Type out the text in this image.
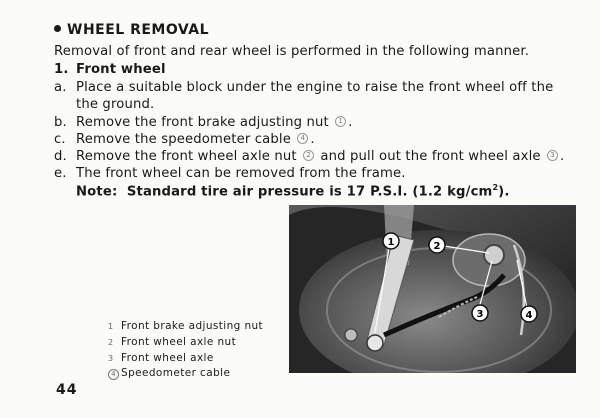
WHEEL REMOVAL
Removal of front and rear wheel is performed in the following manner.
1. Front wheel
a. Place a suitable block under the engine to raise the front wheel off the
the ground.
b. Remove the front brake adjusting nut 1 .
c. Remove the speedometer cable 4 .
d. Remove the front wheel axle nut 2 and pull out the front wheel axle 3 .
e. The front wheel can be removed from the frame.
Note: Standard tire air pressure is 17 P.S.I. (1.2 $kg/cm^2$).
1	2
3	4
1 Front brake adjusting nut
2 Front wheel axle nut
3 Front wheel axle
4 Speedometer cable
44
